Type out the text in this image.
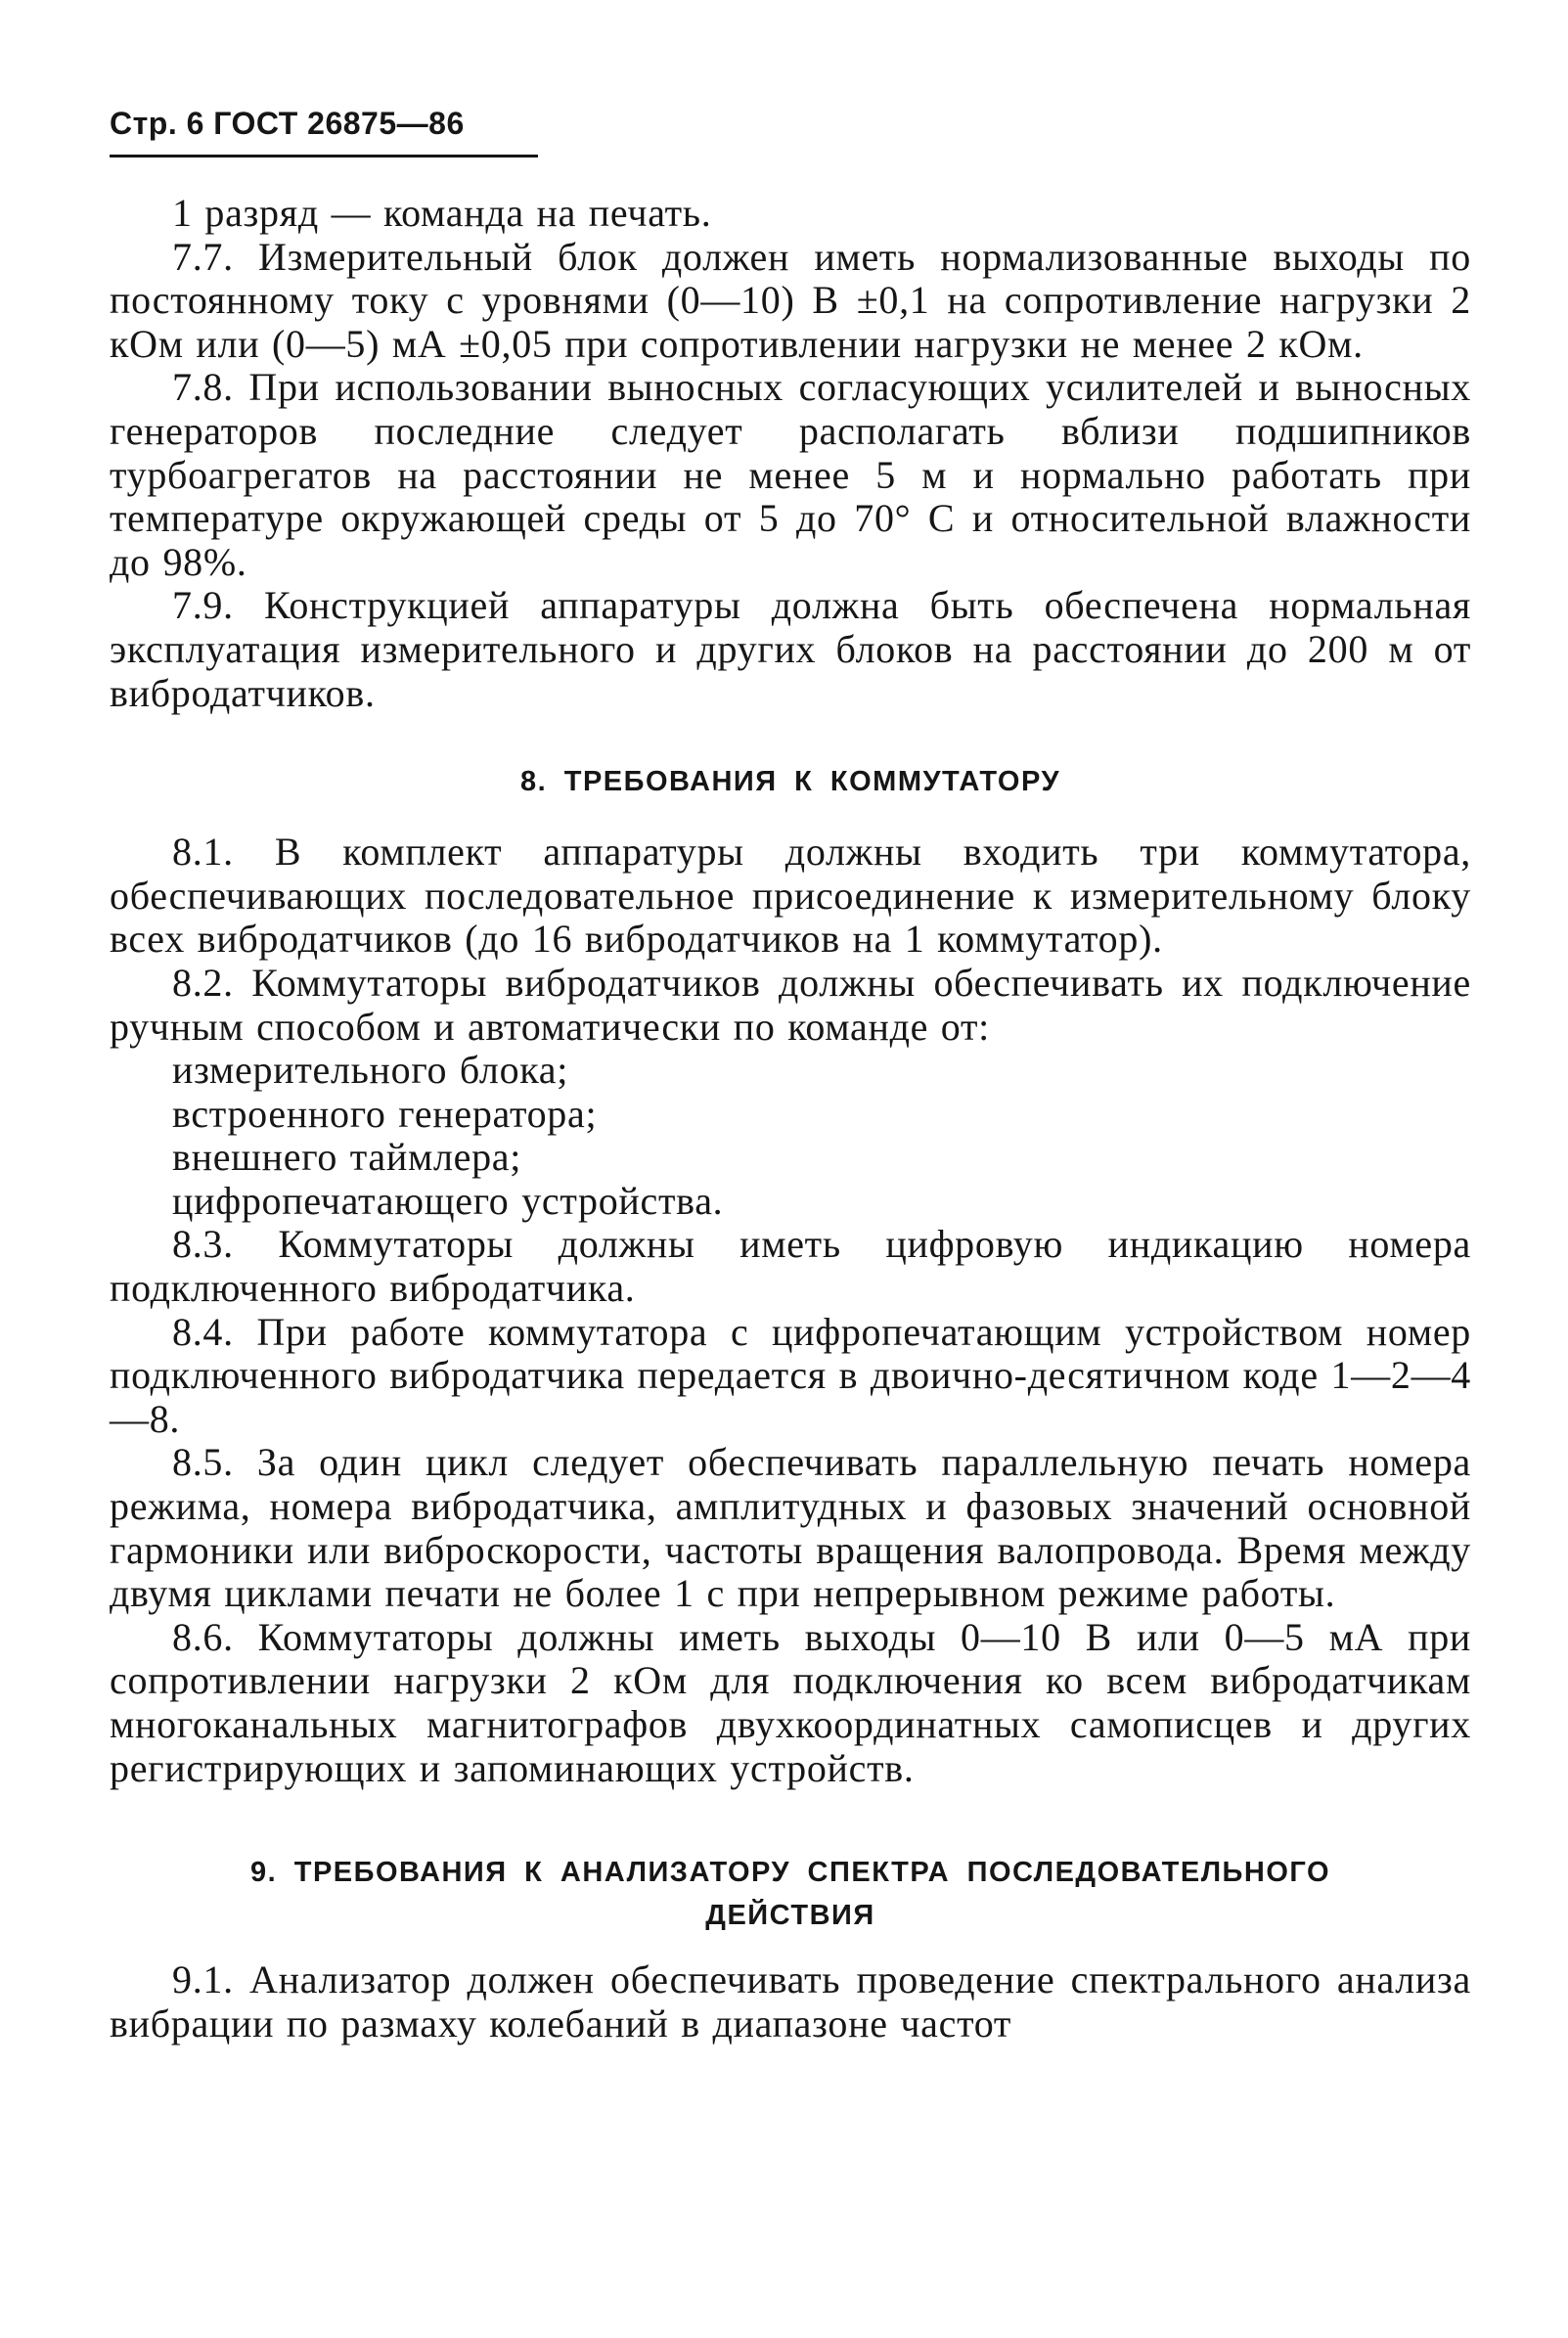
Стр. 6 ГОСТ 26875—86

1 разряд — команда на печать.

7.7. Измерительный блок должен иметь нормализованные выходы по постоянному току с уровнями (0—10) В ±0,1 на сопротивление нагрузки 2 кОм или (0—5) мА ±0,05 при сопротивлении нагрузки не менее 2 кОм.

7.8. При использовании выносных согласующих усилителей и выносных генераторов последние следует располагать вблизи подшипников турбоагрегатов на расстоянии не менее 5 м и нормально работать при температуре окружающей среды от 5 до 70° С и относительной влажности до 98%.

7.9. Конструкцией аппаратуры должна быть обеспечена нормальная эксплуатация измерительного и других блоков на расстоянии до 200 м от вибродатчиков.

8. ТРЕБОВАНИЯ К КОММУТАТОРУ

8.1. В комплект аппаратуры должны входить три коммутатора, обеспечивающих последовательное присоединение к измерительному блоку всех вибродатчиков (до 16 вибродатчиков на 1 коммутатор).

8.2. Коммутаторы вибродатчиков должны обеспечивать их подключение ручным способом и автоматически по команде от:

измерительного блока;

встроенного генератора;

внешнего таймлера;

цифропечатающего устройства.

8.3. Коммутаторы должны иметь цифровую индикацию номера подключенного вибродатчика.

8.4. При работе коммутатора с цифропечатающим устройством номер подключенного вибродатчика передается в двоично-десятичном коде 1—2—4—8.

8.5. За один цикл следует обеспечивать параллельную печать номера режима, номера вибродатчика, амплитудных и фазовых значений основной гармоники или виброскорости, частоты вращения валопровода. Время между двумя циклами печати не более 1 с при непрерывном режиме работы.

8.6. Коммутаторы должны иметь выходы 0—10 В или 0—5 мА при сопротивлении нагрузки 2 кОм для подключения ко всем вибродатчикам многоканальных магнитографов двухкоординатных самописцев и других регистрирующих и запоминающих устройств.

9. ТРЕБОВАНИЯ К АНАЛИЗАТОРУ СПЕКТРА ПОСЛЕДОВАТЕЛЬНОГО
ДЕЙСТВИЯ

9.1. Анализатор должен обеспечивать проведение спектрального анализа вибрации по размаху колебаний в диапазоне частот
